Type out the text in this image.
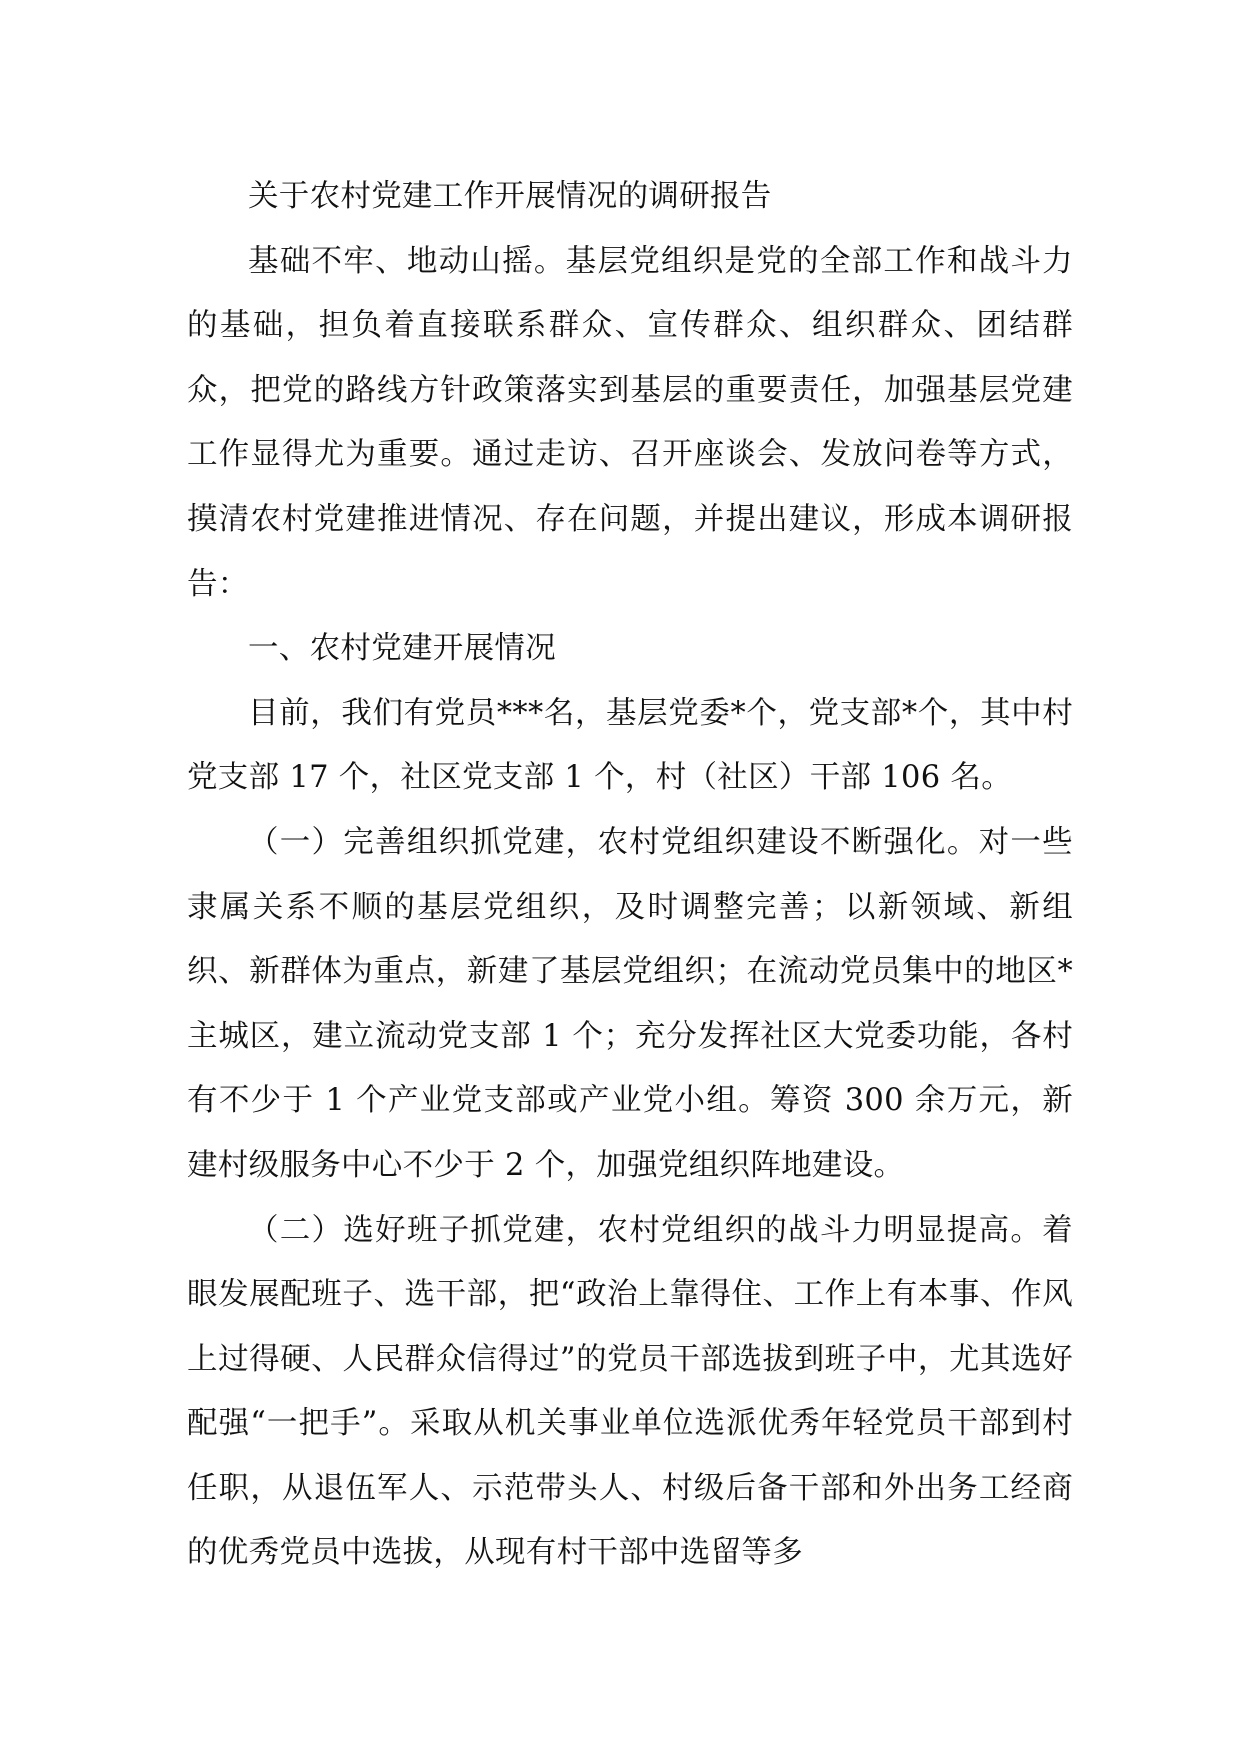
关于农村党建工作开展情况的调研报告

基础不牢、地动山摇。基层党组织是党的全部工作和战斗力的基础，担负着直接联系群众、宣传群众、组织群众、团结群众，把党的路线方针政策落实到基层的重要责任，加强基层党建工作显得尤为重要。通过走访、召开座谈会、发放问卷等方式，摸清农村党建推进情况、存在问题，并提出建议，形成本调研报告：

一、农村党建开展情况

目前，我们有党员***名，基层党委*个，党支部*个，其中村党支部 17 个，社区党支部 1 个，村（社区）干部 106 名。

（一）完善组织抓党建，农村党组织建设不断强化。对一些隶属关系不顺的基层党组织，及时调整完善；以新领域、新组织、新群体为重点，新建了基层党组织；在流动党员集中的地区*主城区，建立流动党支部 1 个；充分发挥社区大党委功能，各村有不少于 1 个产业党支部或产业党小组。筹资 300 余万元，新建村级服务中心不少于 2 个，加强党组织阵地建设。

（二）选好班子抓党建，农村党组织的战斗力明显提高。着眼发展配班子、选干部，把“政治上靠得住、工作上有本事、作风上过得硬、人民群众信得过”的党员干部选拔到班子中，尤其选好配强“一把手”。采取从机关事业单位选派优秀年轻党员干部到村任职，从退伍军人、示范带头人、村级后备干部和外出务工经商的优秀党员中选拔，从现有村干部中选留等多
